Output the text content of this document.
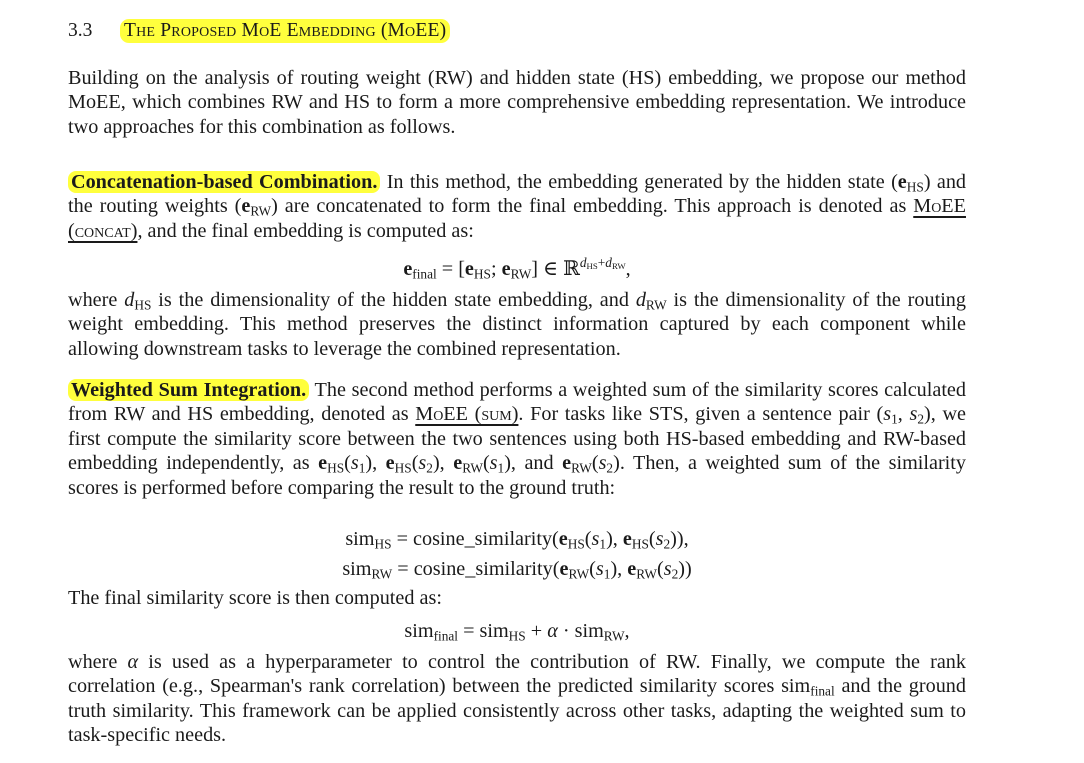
3.3 The Proposed MoE Embedding (MoEE)

Building on the analysis of routing weight (RW) and hidden state (HS) embedding, we propose our method MoEE, which combines RW and HS to form a more comprehensive embedding representation. We introduce two approaches for this combination as follows.

Concatenation-based Combination. In this method, the embedding generated by the hidden state $(e_{HS})$ and the routing weights $(e_{RW})$ are concatenated to form the final embedding. This approach is denoted as MoEE (concat), and the final embedding is computed as:

$e_{final} = [e_{HS}$; $e_{RW}$] ∈ ℝ$^{d_{HS}+d_{RW}}$,

where $d_{HS}$ is the dimensionality of the hidden state embedding, and $d_{RW}$ is the dimensionality of the routing weight embedding. This method preserves the distinct information captured by each component while allowing downstream tasks to leverage the combined representation.

Weighted Sum Integration. The second method performs a weighted sum of the similarity scores calculated from RW and HS embedding, denoted as MoEE (sum). For tasks like STS, given a sentence pair ($s_1$, $s_2$), we first compute the similarity score between the two sentences using both HS-based embedding and RW-based embedding independently, as $e_{HS}(s_1)$, $e_{HS}(s_2)$, $e_{RW}(s_1)$, and $e_{RW}(s_2)$. Then, a weighted sum of the similarity scores is performed before comparing the result to the ground truth:

$sim_{HS} = cosine\_similarity(e_{HS}(s_1)$, $e_{HS}(s_2)$),
$sim_{RW} = cosine\_similarity(e_{RW}(s_1)$, $e_{RW}(s_2)$)

The final similarity score is then computed as:

sim$_{final}$ = sim$_{HS}$ + α · sim$_{RW}$,

where α is used as a hyperparameter to control the contribution of RW. Finally, we compute the rank correlation (e.g., Spearman's rank correlation) between the predicted similarity scores sim$_{final}$ and the ground truth similarity. This framework can be applied consistently across other tasks, adapting the weighted sum to task-specific needs.
